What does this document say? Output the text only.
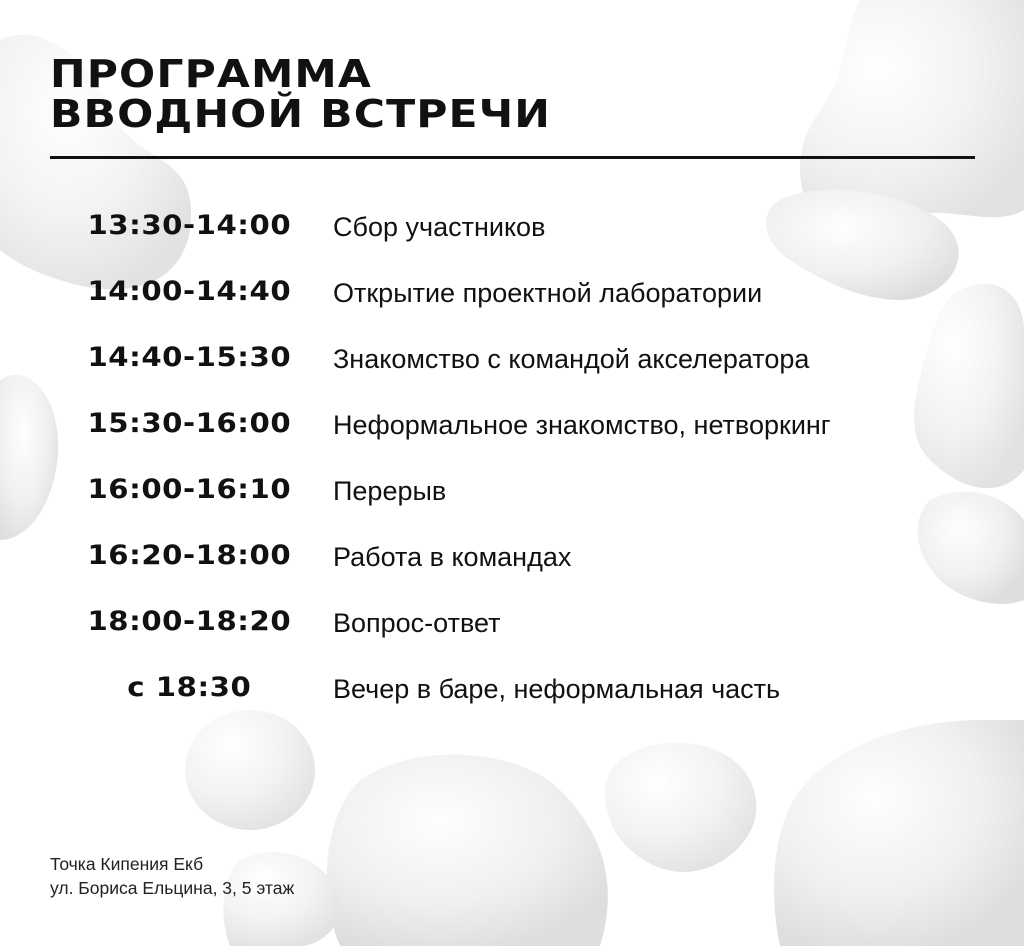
ПРОГРАММА
ВВОДНОЙ ВСТРЕЧИ
13:30-14:00	Сбор участников
14:00-14:40	Открытие проектной лаборатории
14:40-15:30	Знакомство с командой акселератора
15:30-16:00	Неформальное знакомство, нетворкинг
16:00-16:10	Перерыв
16:20-18:00	Работа в командах
18:00-18:20	Вопрос-ответ
с 18:30	Вечер в баре, неформальная часть
Точка Кипения Екб
ул. Бориса Ельцина, 3, 5 этаж
